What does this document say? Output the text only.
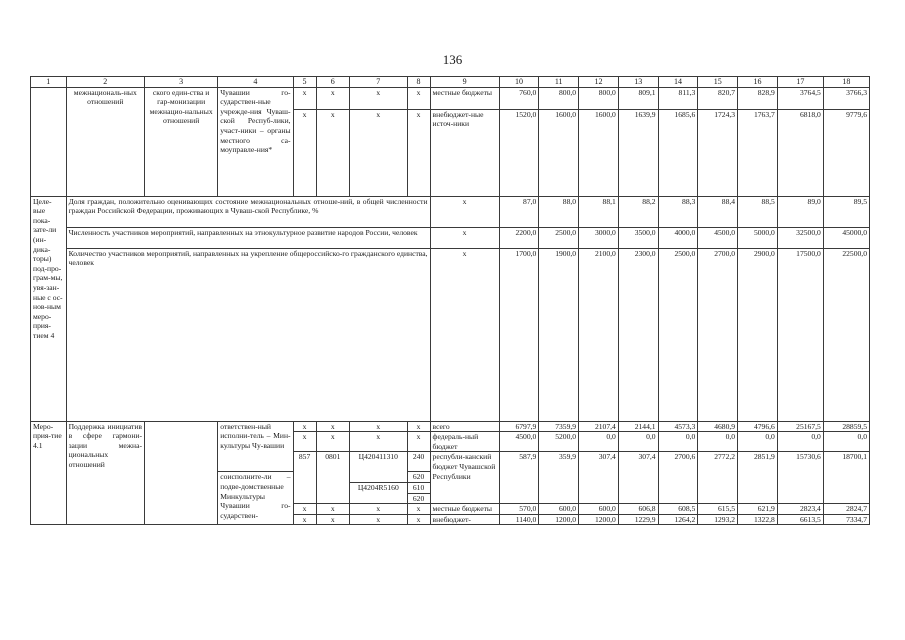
136
1	2	3	4	5	6	7	8	9	10	11	12	13	14	15	16	17	18
	межнациональ-ных отношений	ского един-ства и гар-монизации межнацио-нальных отношений	Чувашии го-сударствен-ные учрежде-ния Чуваш-ской Респуб-лики, участ-ники – органы местного са-моуправле-ния*	x	x	x	x	местные бюджеты	760,0	800,0	800,0	809,1	811,3	820,7	828,9	3764,5	3766,3
				x	x	x	x	внебюджет-ные источ-ники	1520,0	1600,0	1600,0	1639,9	1685,6	1724,3	1763,7	6818,0	9779,6
Целе-вые пока-зате-ли (ин-дика-торы) под-про-грам-мы, увя-зан-ные с ос-нов-ным меро-прия-тием 4	Доля граждан, положительно оценивающих состояние межнациональных отноше-ний, в общей численности граждан Российской Федерации, проживающих в Чуваш-ской Республике, %							x	87,0	88,0	88,1	88,2	88,3	88,4	88,5	89,0	89,5
	Численность участников мероприятий, направленных на этнокультурное развитие народов России, человек							x	2200,0	2500,0	3000,0	3500,0	4000,0	4500,0	5000,0	32500,0	45000,0
	Количество участников мероприятий, направленных на укрепление общероссийско-го гражданского единства, человек							x	1700,0	1900,0	2100,0	2300,0	2500,0	2700,0	2900,0	17500,0	22500,0
Меро-прия-тие 4.1	Поддержка инициатив в сфере гармони-зации межна-циональных отношений		ответствен-ный исполни-тель – Мин-культуры Чу-вашии	x	x	x	x	всего	6797,9	7359,9	2107,4	2144,1	4573,3	4680,9	4796,6	25167,5	28859,5
				x	x	x	x	федераль-ный бюджет	4500,0	5200,0	0,0	0,0	0,0	0,0	0,0	0,0	0,0
				857	0801	Ц420411310	240	республи-канский бюджет Чувашской Республики	587,9	359,9	307,4	307,4	2700,6	2772,2	2851,9	15730,6	18700,1
			соисполните-ли – подве-домственные Минкультуры Чувашии го-сударствен-				620										
						Ц4204R5160	610										
							620										
				x	x	x	x	местные бюджеты	570,0	600,0	600,0	606,8	608,5	615,5	621,9	2823,4	2824,7
				x	x	x	x	внебюджет-	1140,0	1200,0	1200,0	1229,9	1264,2	1293,2	1322,8	6613,5	7334,7
